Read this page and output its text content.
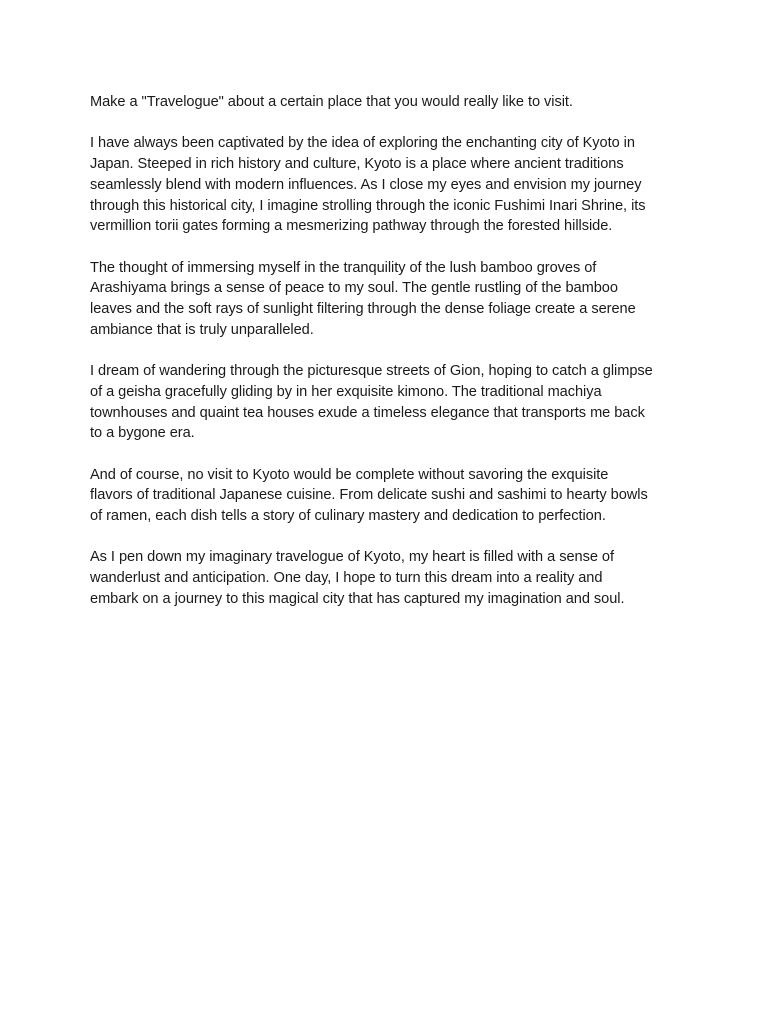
Make a "Travelogue" about a certain place that you would really like to visit.

I have always been captivated by the idea of exploring the enchanting city of Kyoto in
Japan. Steeped in rich history and culture, Kyoto is a place where ancient traditions
seamlessly blend with modern influences. As I close my eyes and envision my journey
through this historical city, I imagine strolling through the iconic Fushimi Inari Shrine, its
vermillion torii gates forming a mesmerizing pathway through the forested hillside.

The thought of immersing myself in the tranquility of the lush bamboo groves of
Arashiyama brings a sense of peace to my soul. The gentle rustling of the bamboo
leaves and the soft rays of sunlight filtering through the dense foliage create a serene
ambiance that is truly unparalleled.

I dream of wandering through the picturesque streets of Gion, hoping to catch a glimpse
of a geisha gracefully gliding by in her exquisite kimono. The traditional machiya
townhouses and quaint tea houses exude a timeless elegance that transports me back
to a bygone era.

And of course, no visit to Kyoto would be complete without savoring the exquisite
flavors of traditional Japanese cuisine. From delicate sushi and sashimi to hearty bowls
of ramen, each dish tells a story of culinary mastery and dedication to perfection.

As I pen down my imaginary travelogue of Kyoto, my heart is filled with a sense of
wanderlust and anticipation. One day, I hope to turn this dream into a reality and
embark on a journey to this magical city that has captured my imagination and soul.
